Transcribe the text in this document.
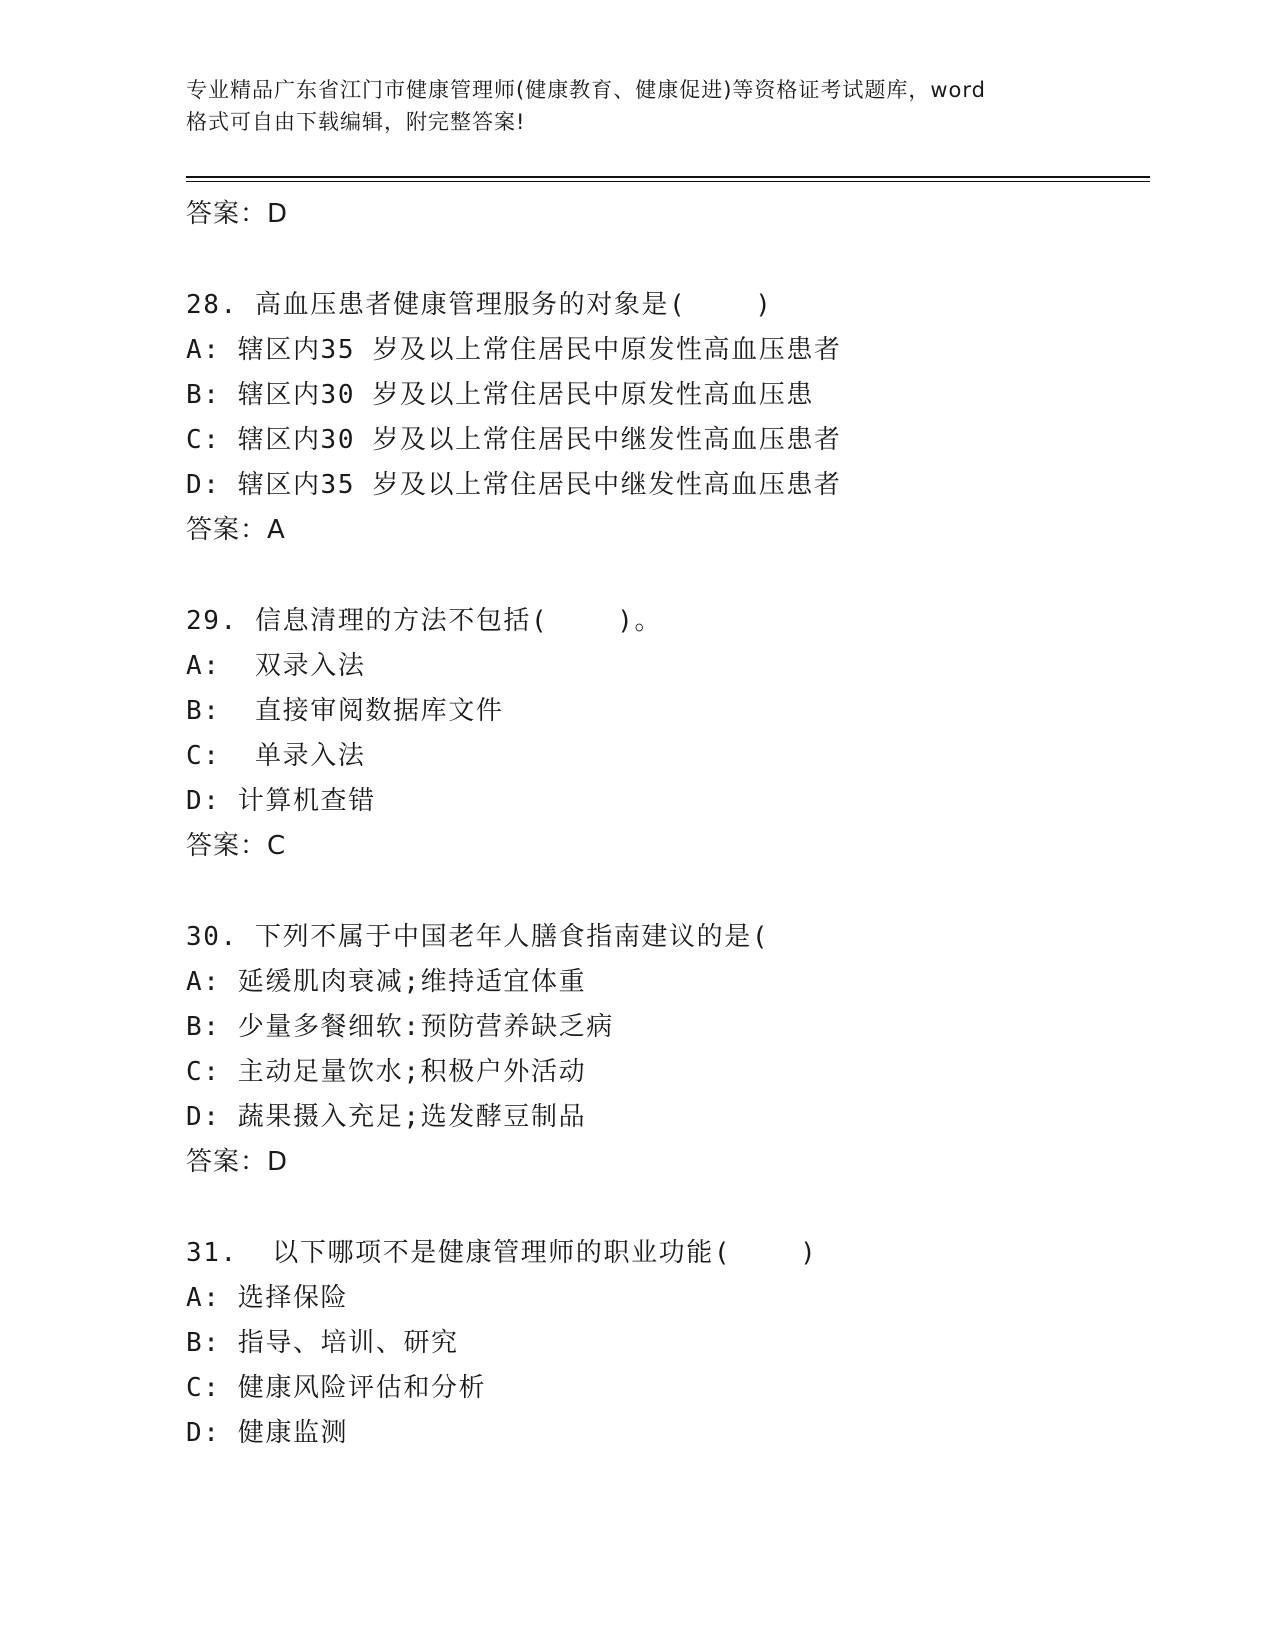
专业精品广东省江门市健康管理师(健康教育、健康促进)等资格证考试题库，word
格式可自由下载编辑，附完整答案!
答案：D
28. 高血压患者健康管理服务的对象是(    )
A: 辖区内35 岁及以上常住居民中原发性高血压患者
B: 辖区内30 岁及以上常住居民中原发性高血压患
C: 辖区内30 岁及以上常住居民中继发性高血压患者
D: 辖区内35 岁及以上常住居民中继发性高血压患者
答案：A
29. 信息清理的方法不包括(    )。
A:  双录入法
B:  直接审阅数据库文件
C:  单录入法
D: 计算机查错
答案：C
30. 下列不属于中国老年人膳食指南建议的是(
A: 延缓肌肉衰减;维持适宜体重
B: 少量多餐细软:预防营养缺乏病
C: 主动足量饮水;积极户外活动
D: 蔬果摄入充足;选发酵豆制品
答案：D
31.  以下哪项不是健康管理师的职业功能(    )
A: 选择保险
B: 指导、培训、研究
C: 健康风险评估和分析
D: 健康监测
